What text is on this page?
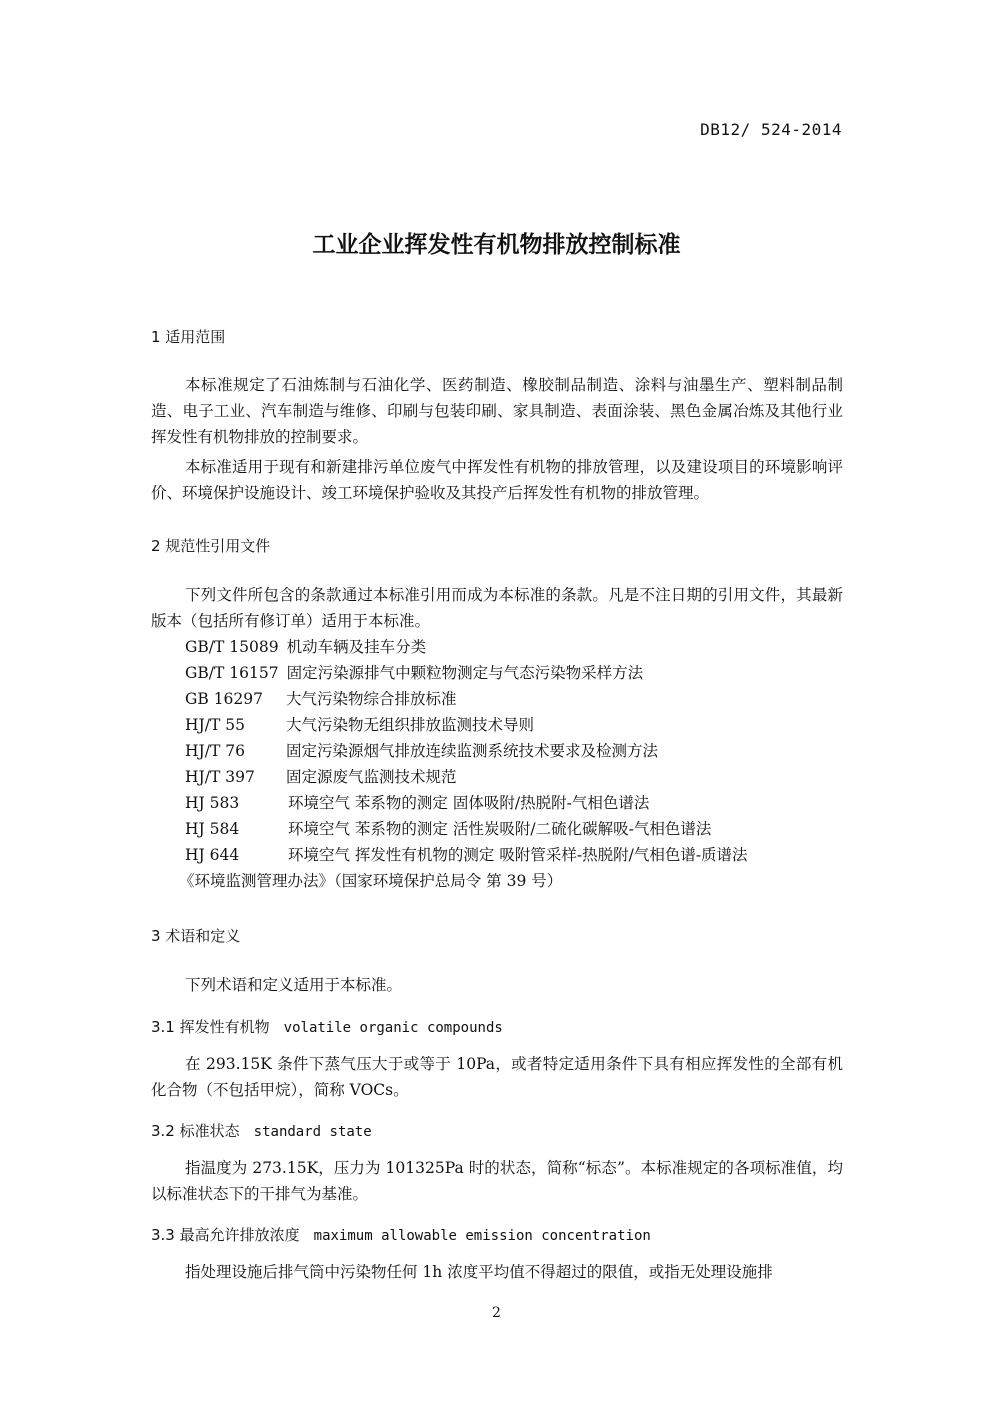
DB12/ 524-2014
工业企业挥发性有机物排放控制标准
1 适用范围
本标准规定了石油炼制与石油化学、医药制造、橡胶制品制造、涂料与油墨生产、塑料制品制造、电子工业、汽车制造与维修、印刷与包装印刷、家具制造、表面涂装、黑色金属冶炼及其他行业挥发性有机物排放的控制要求。
本标准适用于现有和新建排污单位废气中挥发性有机物的排放管理，以及建设项目的环境影响评价、环境保护设施设计、竣工环境保护验收及其投产后挥发性有机物的排放管理。
2 规范性引用文件
下列文件所包含的条款通过本标准引用而成为本标准的条款。凡是不注日期的引用文件，其最新版本（包括所有修订单）适用于本标准。
GB/T 15089 机动车辆及挂车分类
GB/T 16157 固定污染源排气中颗粒物测定与气态污染物采样方法
GB 16297 大气污染物综合排放标准
HJ/T 55	大气污染物无组织排放监测技术导则
HJ/T 76	固定污染源烟气排放连续监测系统技术要求及检测方法
HJ/T 397 固定源废气监测技术规范
HJ 583	环境空气 苯系物的测定 固体吸附/热脱附-气相色谱法
HJ 584	环境空气 苯系物的测定 活性炭吸附/二硫化碳解吸-气相色谱法
HJ 644	环境空气 挥发性有机物的测定 吸附管采样-热脱附/气相色谱-质谱法
《环境监测管理办法》（国家环境保护总局令 第 39 号）
3 术语和定义
下列术语和定义适用于本标准。
3.1 挥发性有机物 volatile organic compounds
在 293.15K 条件下蒸气压大于或等于 10Pa，或者特定适用条件下具有相应挥发性的全部有机化合物（不包括甲烷），简称 VOCs。
3.2 标准状态 standard state
指温度为 273.15K，压力为 101325Pa 时的状态，简称“标态”。本标准规定的各项标准值，均以标准状态下的干排气为基准。
3.3 最高允许排放浓度 maximum allowable emission concentration
指处理设施后排气筒中污染物任何 1h 浓度平均值不得超过的限值，或指无处理设施排
2
